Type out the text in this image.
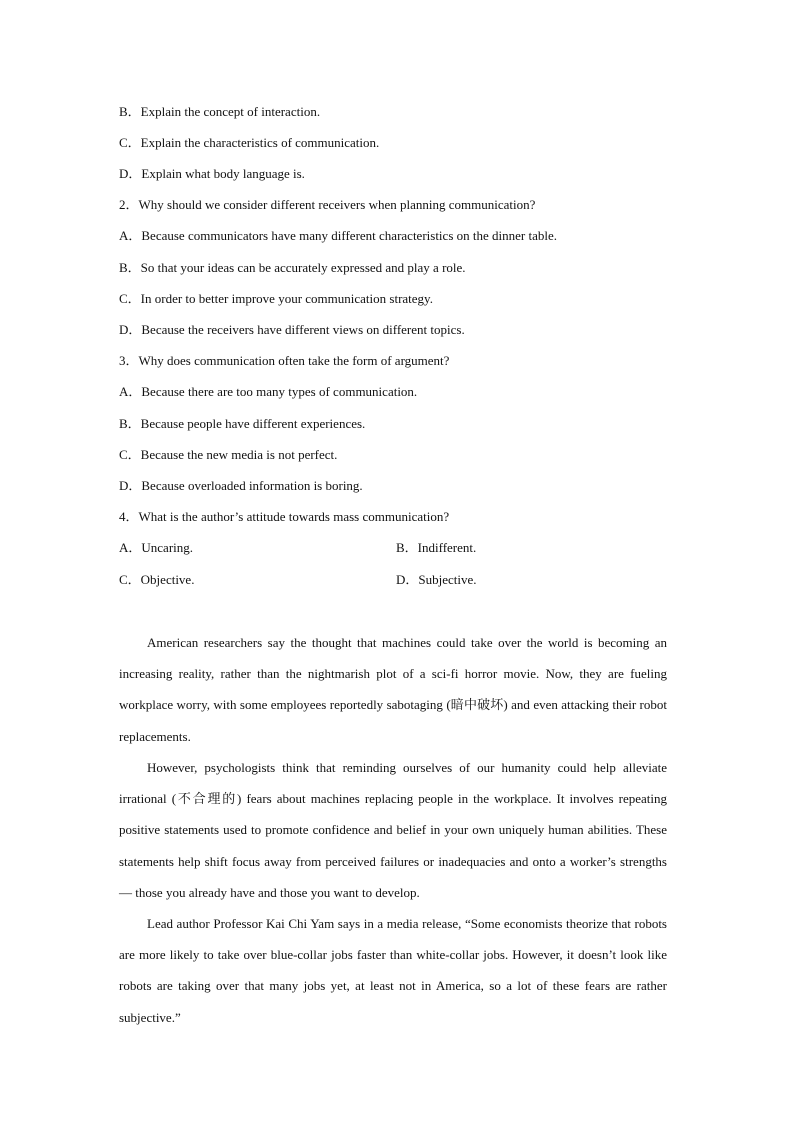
B．Explain the concept of interaction.
C．Explain the characteristics of communication.
D．Explain what body language is.
2．Why should we consider different receivers when planning communication?
A．Because communicators have many different characteristics on the dinner table.
B．So that your ideas can be accurately expressed and play a role.
C．In order to better improve your communication strategy.
D．Because the receivers have different views on different topics.
3．Why does communication often take the form of argument?
A．Because there are too many types of communication.
B．Because people have different experiences.
C．Because the new media is not perfect.
D．Because overloaded information is boring.
4．What is the author’s attitude towards mass communication?
A．Uncaring.	B．Indifferent.
C．Objective.	D．Subjective.
American researchers say the thought that machines could take over the world is becoming an increasing reality, rather than the nightmarish plot of a sci-fi horror movie. Now, they are fueling workplace worry, with some employees reportedly sabotaging (暗中破坏) and even attacking their robot replacements.
However, psychologists think that reminding ourselves of our humanity could help alleviate irrational (不合理的) fears about machines replacing people in the workplace. It involves repeating positive statements used to promote confidence and belief in your own uniquely human abilities. These statements help shift focus away from perceived failures or inadequacies and onto a worker’s strengths — those you already have and those you want to develop.
Lead author Professor Kai Chi Yam says in a media release, “Some economists theorize that robots are more likely to take over blue-collar jobs faster than white-collar jobs. However, it doesn’t look like robots are taking over that many jobs yet, at least not in America, so a lot of these fears are rather subjective.”
